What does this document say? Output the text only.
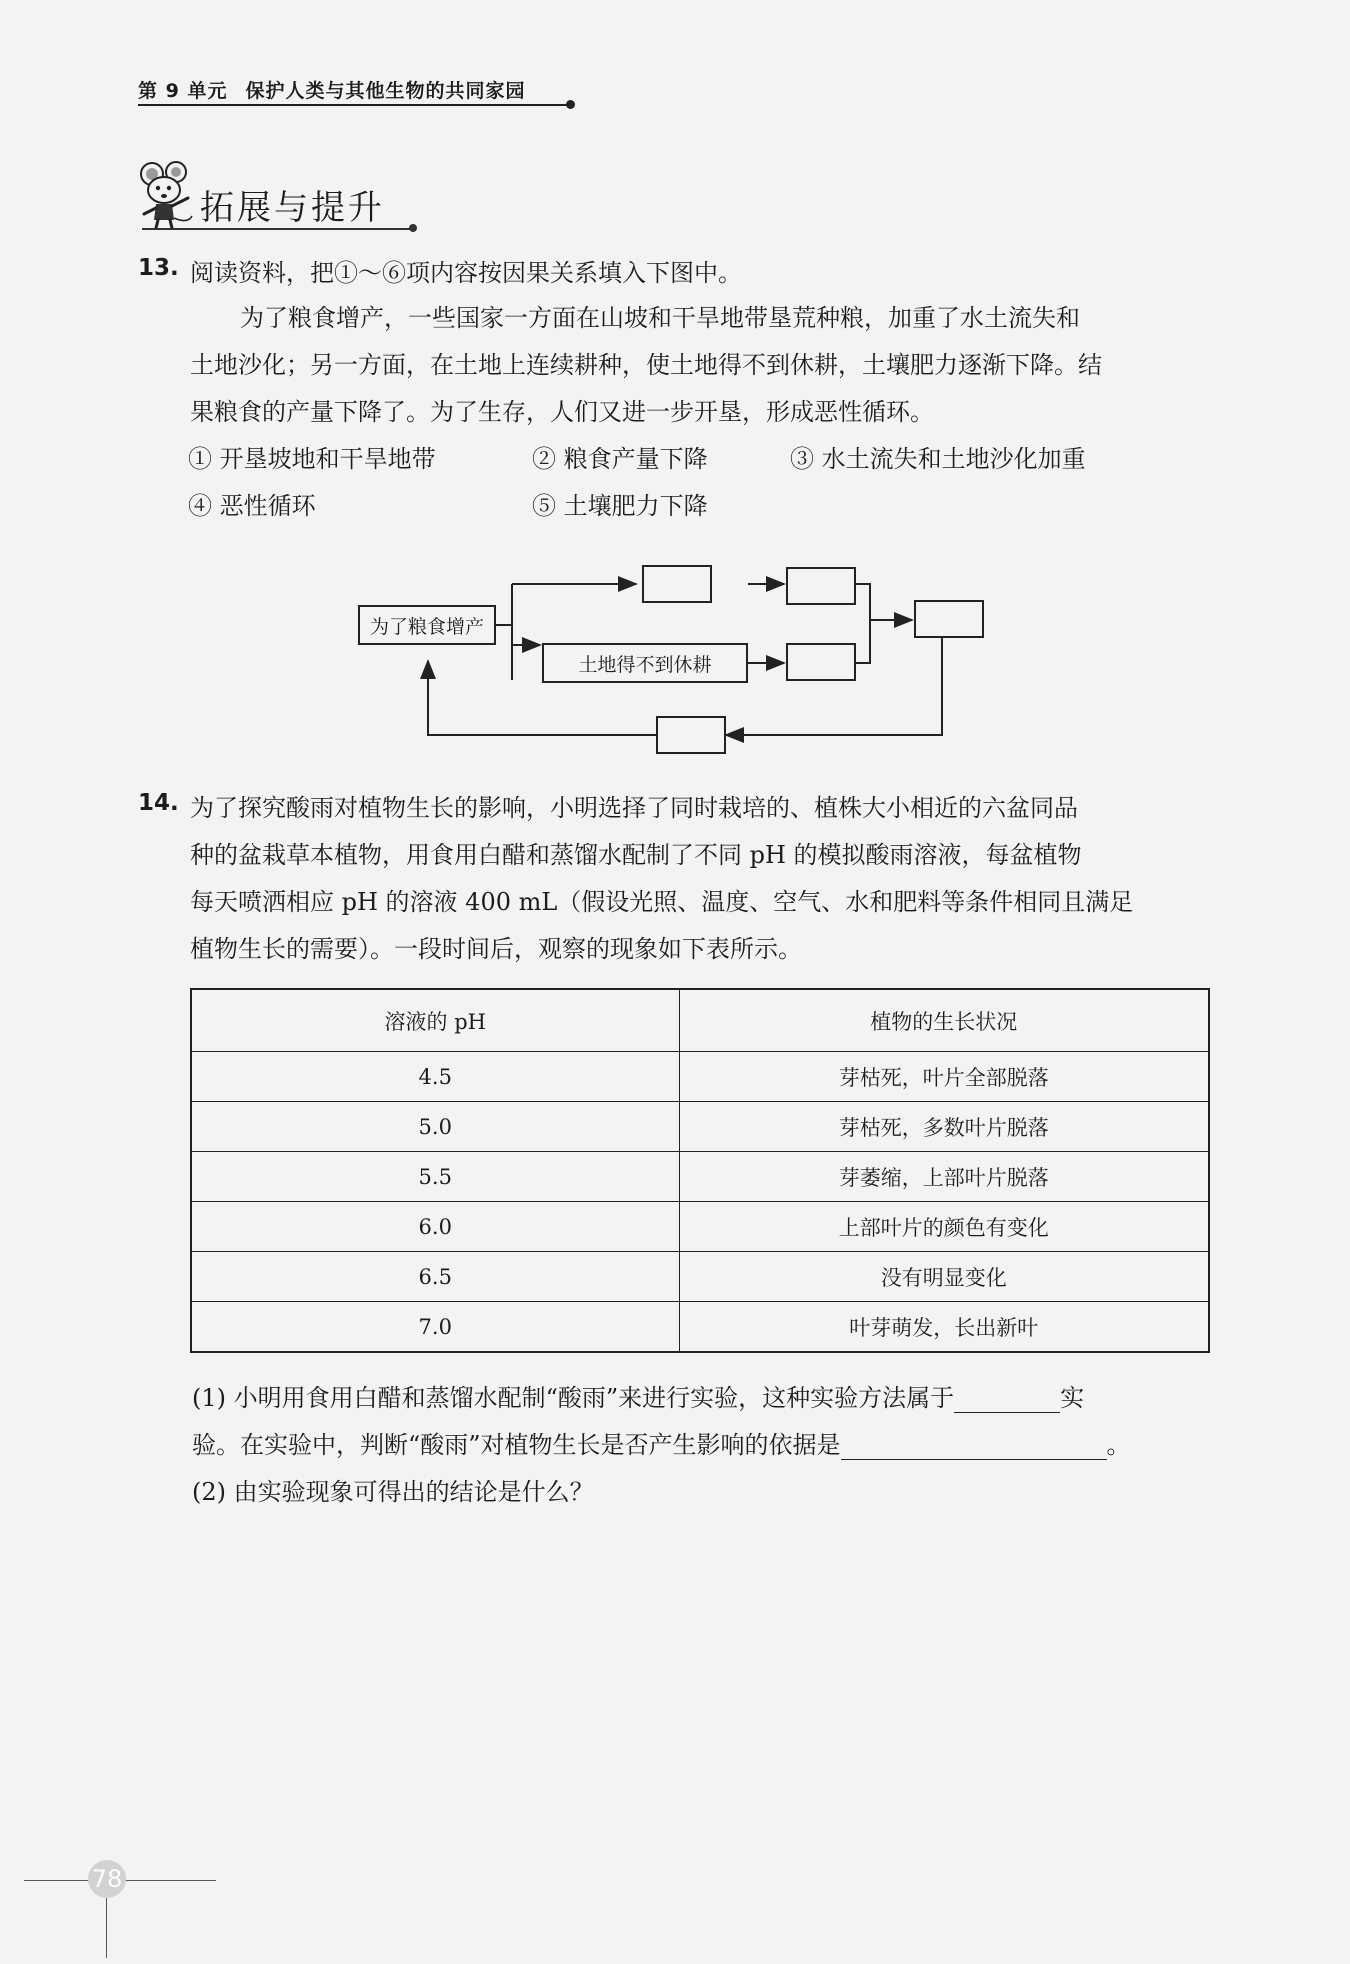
第 9 单元 保护人类与其他生物的共同家园
拓展与提升
13. 阅读资料，把①～⑥项内容按因果关系填入下图中。
为了粮食增产，一些国家一方面在山坡和干旱地带垦荒种粮，加重了水土流失和
土地沙化；另一方面，在土地上连续耕种，使土地得不到休耕，土壤肥力逐渐下降。结
果粮食的产量下降了。为了生存，人们又进一步开垦，形成恶性循环。
① 开垦坡地和干旱地带	② 粮食产量下降	③ 水土流失和土地沙化加重
④ 恶性循环	⑤ 土壤肥力下降
为了粮食增产
土地得不到休耕
14. 为了探究酸雨对植物生长的影响，小明选择了同时栽培的、植株大小相近的六盆同品
种的盆栽草本植物，用食用白醋和蒸馏水配制了不同 pH 的模拟酸雨溶液，每盆植物
每天喷洒相应 pH 的溶液 400 mL（假设光照、温度、空气、水和肥料等条件相同且满足
植物生长的需要）。一段时间后，观察的现象如下表所示。
溶液的 pH	植物的生长状况
4.5	芽枯死，叶片全部脱落
5.0	芽枯死，多数叶片脱落
5.5	芽萎缩，上部叶片脱落
6.0	上部叶片的颜色有变化
6.5	没有明显变化
7.0	叶芽萌发，长出新叶
(1) 小明用食用白醋和蒸馏水配制“酸雨”来进行实验，这种实验方法属于	实
验。在实验中，判断“酸雨”对植物生长是否产生影响的依据是	。
(2) 由实验现象可得出的结论是什么？
78
